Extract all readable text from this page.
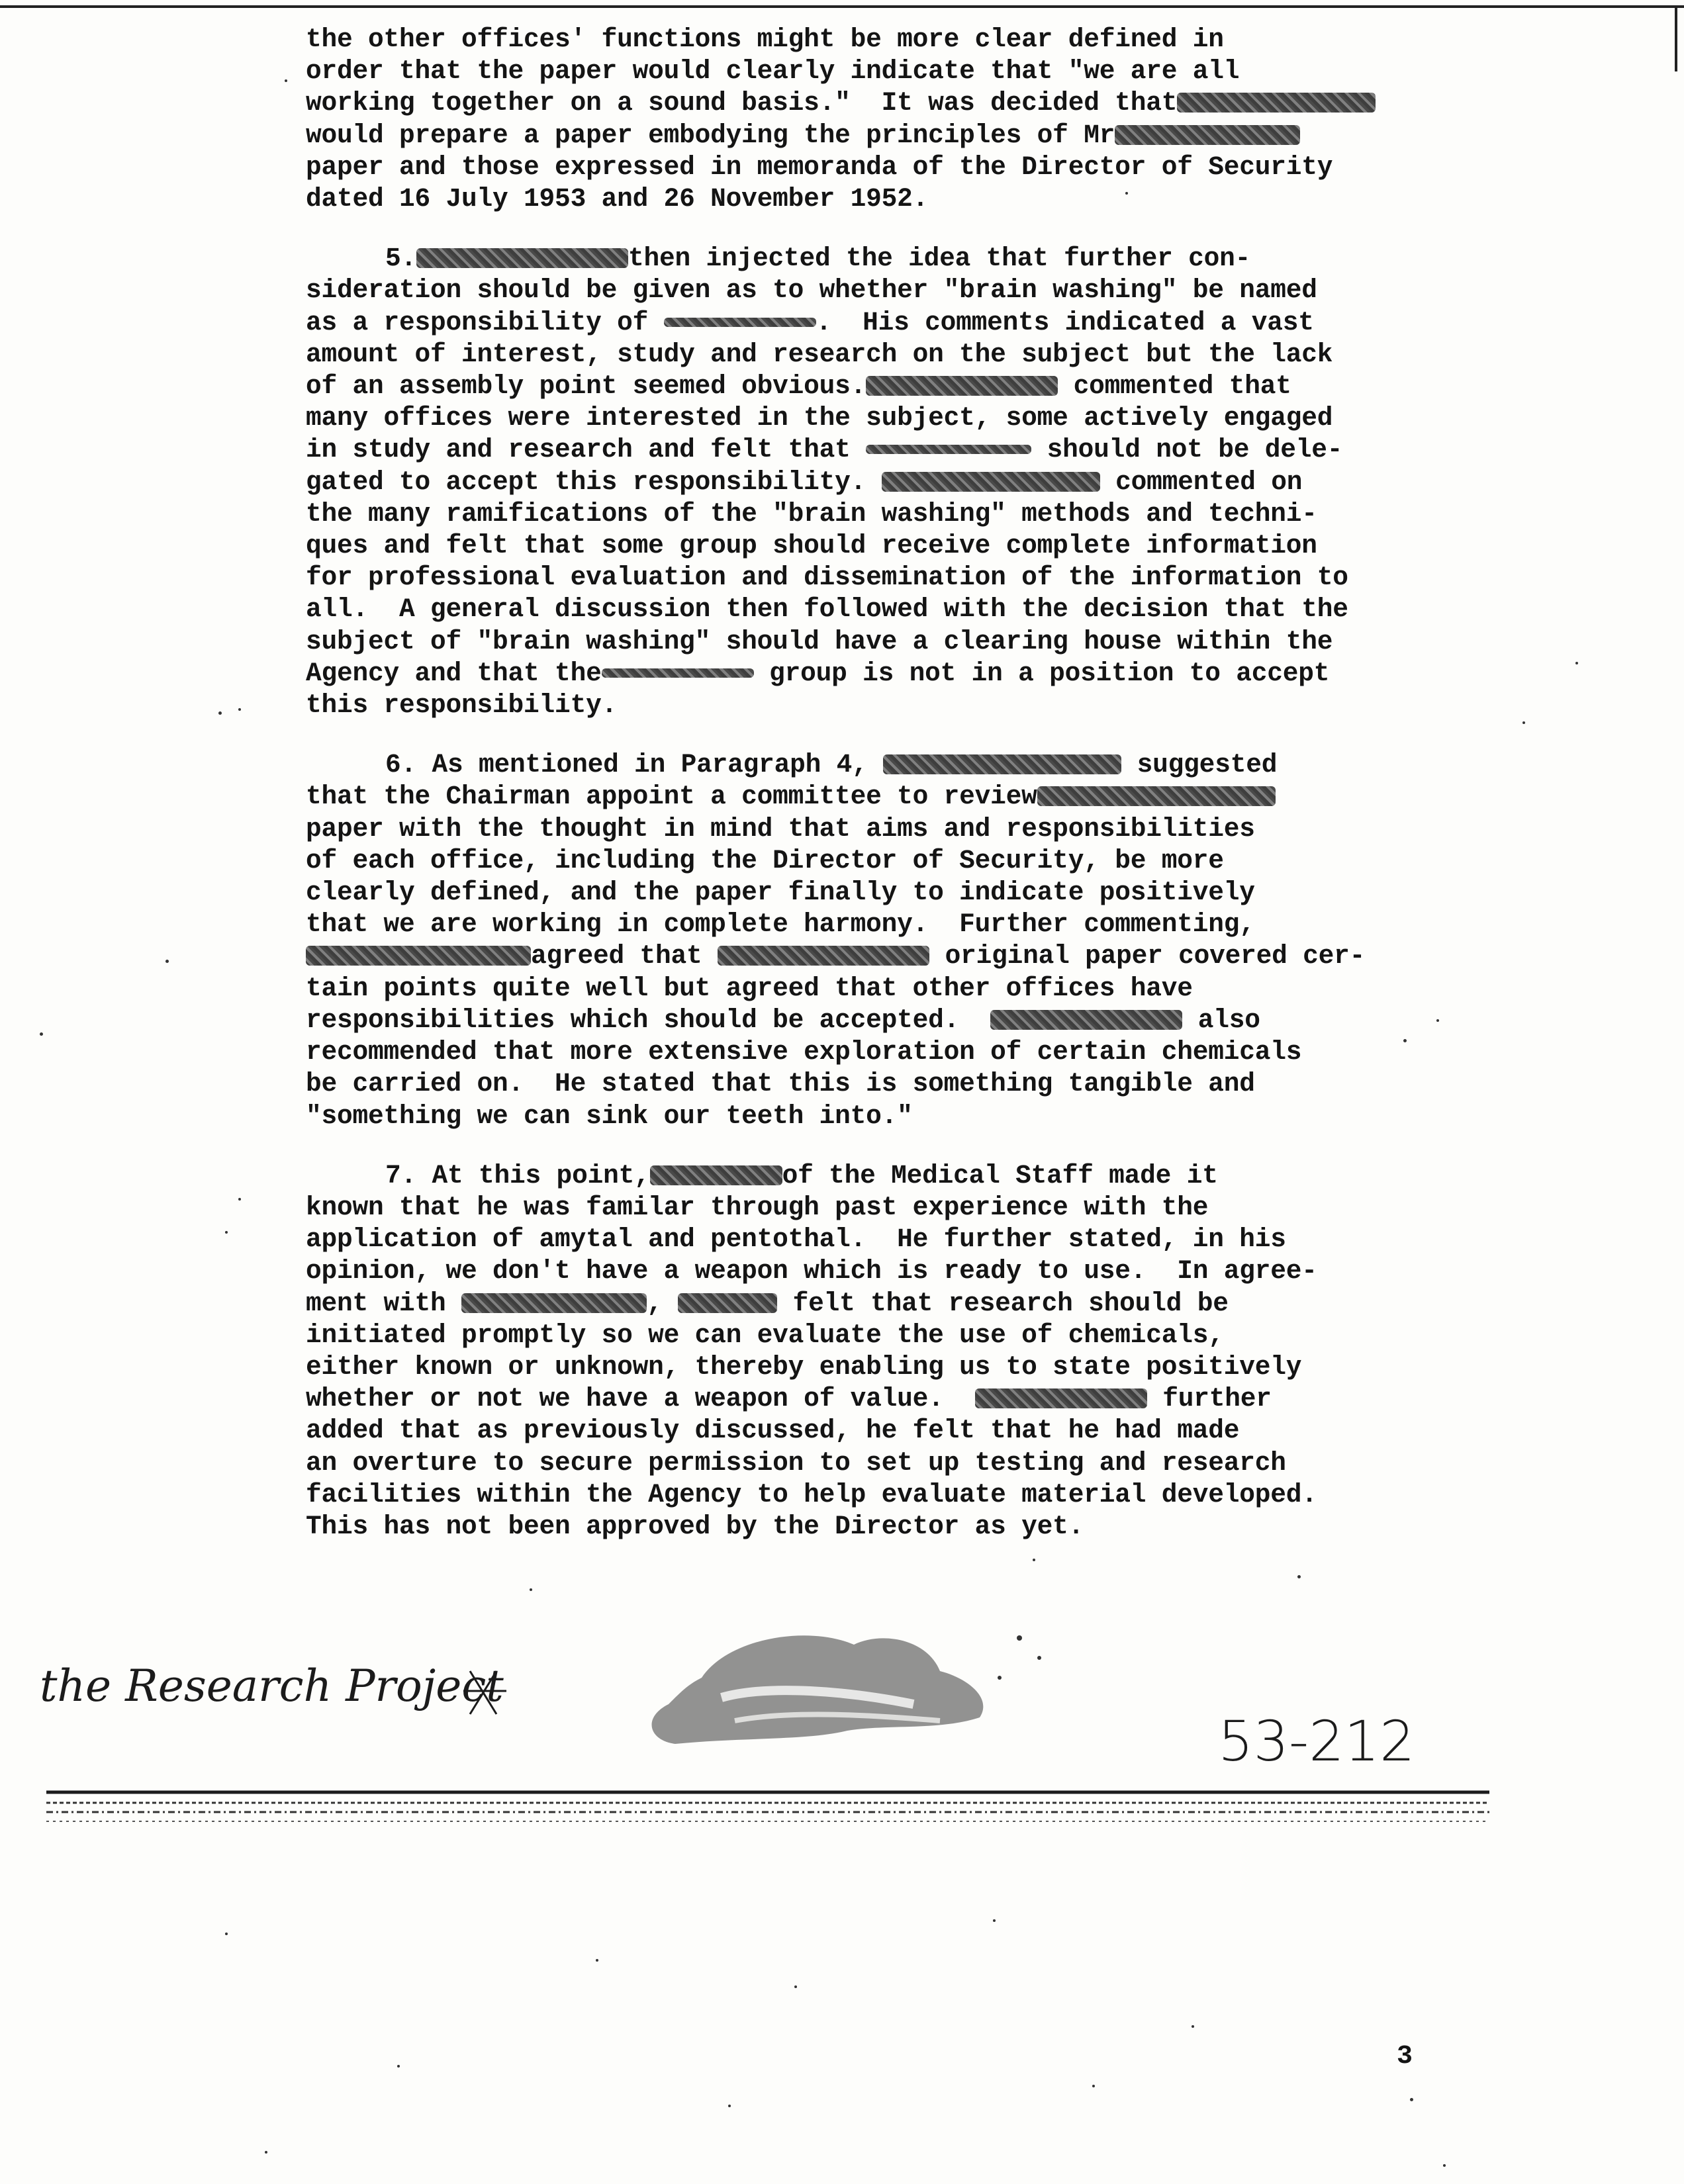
the other offices' functions might be more clear defined in
order that the paper would clearly indicate that "we are all
working together on a sound basis."  It was decided that
would prepare a paper embodying the principles of Mr
paper and those expressed in memoranda of the Director of Security
dated 16 July 1953 and 26 November 1952.
5.	then injected the idea that further con-
sideration should be given as to whether "brain washing" be named
as a responsibility of	.  His comments indicated a vast
amount of interest, study and research on the subject but the lack
of an assembly point seemed obvious.	commented that
many offices were interested in the subject, some actively engaged
in study and research and felt that	should not be dele-
gated to accept this responsibility.	commented on
the many ramifications of the "brain washing" methods and techni-
ques and felt that some group should receive complete information
for professional evaluation and dissemination of the information to
all.  A general discussion then followed with the decision that the
subject of "brain washing" should have a clearing house within the
Agency and that the	group is not in a position to accept
this responsibility.
6. As mentioned in Paragraph 4,	suggested
that the Chairman appoint a committee to review
paper with the thought in mind that aims and responsibilities
of each office, including the Director of Security, be more
clearly defined, and the paper finally to indicate positively
that we are working in complete harmony.  Further commenting,
agreed that	original paper covered cer-
tain points quite well but agreed that other offices have
responsibilities which should be accepted.	also
recommended that more extensive exploration of certain chemicals
be carried on.  He stated that this is something tangible and
"something we can sink our teeth into."
7. At this point,	of the Medical Staff made it
known that he was familar through past experience with the
application of amytal and pentothal.  He further stated, in his
opinion, we don't have a weapon which is ready to use.  In agree-
ment with	,	felt that research should be
initiated promptly so we can evaluate the use of chemicals,
either known or unknown, thereby enabling us to state positively
whether or not we have a weapon of value.	further
added that as previously discussed, he felt that he had made
an overture to secure permission to set up testing and research
facilities within the Agency to help evaluate material developed.
This has not been approved by the Director as yet.
the Research Project
53-212
3
